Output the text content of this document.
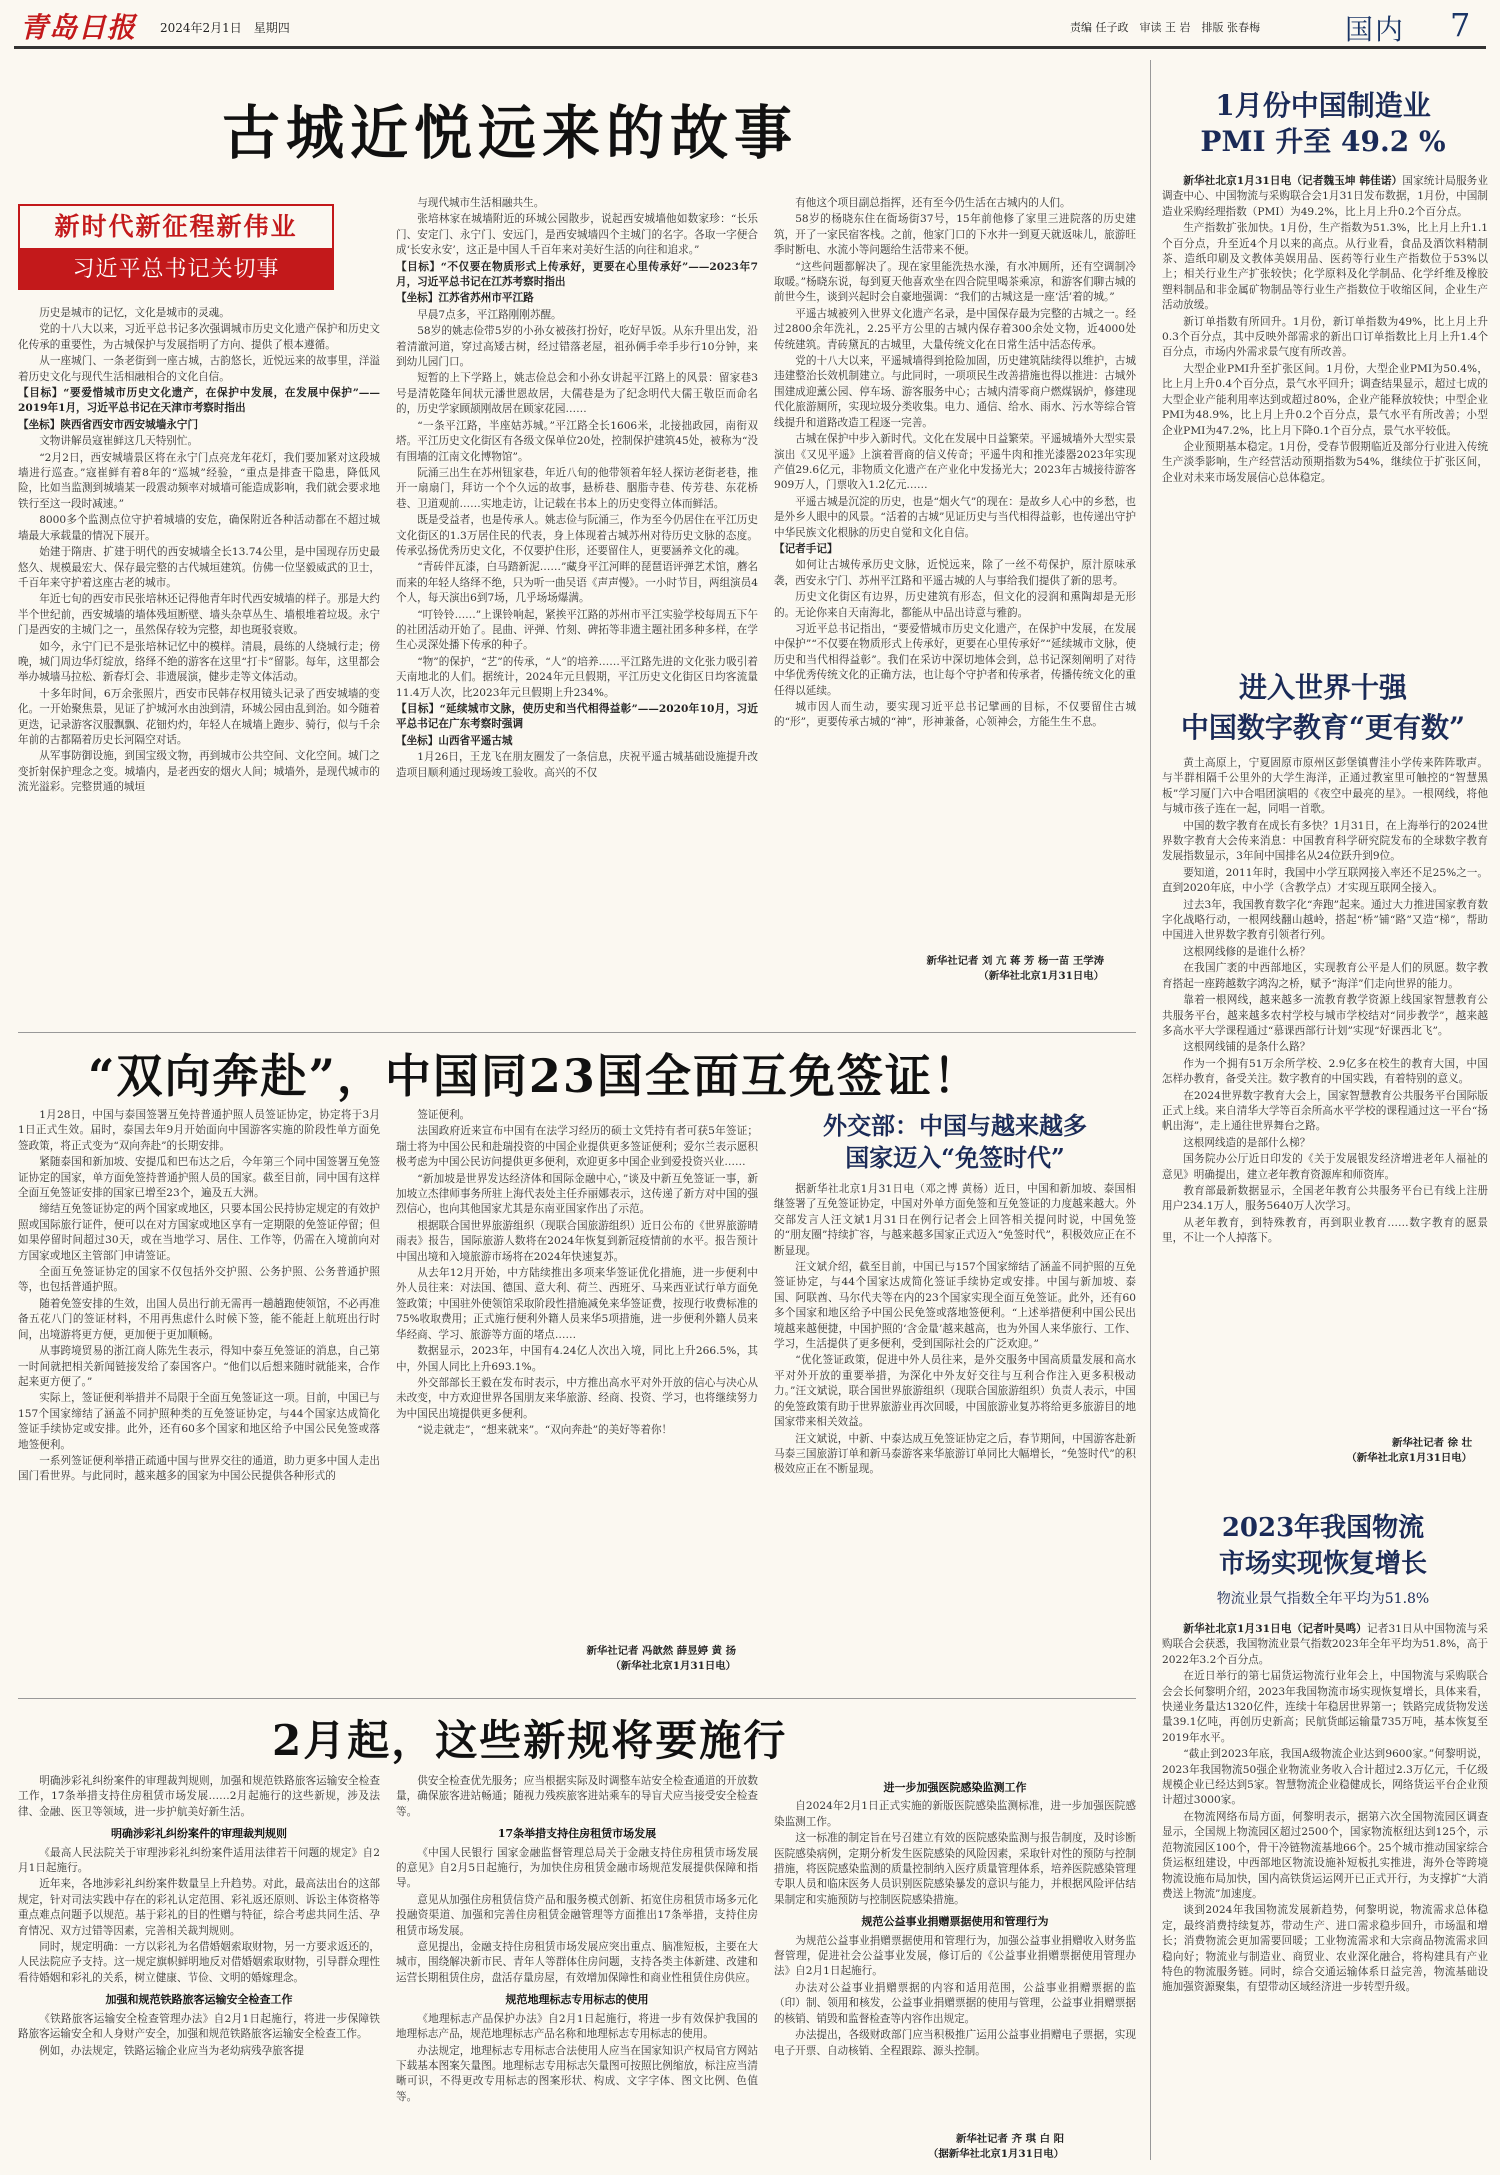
青岛日报 2024年2月1日　星期四	责编 任子政　审读 王 岩　排版 张春梅	国内 7
古城近悦远来的故事
新时代新征程新伟业
习近平总书记关切事

历史是城市的记忆，文化是城市的灵魂。

党的十八大以来，习近平总书记多次强调城市历史文化遗产保护和历史文化传承的重要性，为古城保护与发展指明了方向、提供了根本遵循。

从一座城门、一条老街到一座古城，古韵悠长，近悦远来的故事里，洋溢着历史文化与现代生活相融相合的文化自信。

【目标】“要爱惜城市历史文化遗产，在保护中发展，在发展中保护”——2019年1月，习近平总书记在天津市考察时指出

【坐标】陕西省西安市西安城墙永宁门

文物讲解员寇崔鲜这几天特别忙。

“2月2日，西安城墙景区将在永宁门点亮龙年花灯，我们要加紧对这段城墙进行巡查。”寇崔鲜有着8年的“巡城”经验，“重点是排查干隐患，降低风险，比如当监测到城墙某一段震动频率对城墙可能造成影响，我们就会要求地铁行至这一段时减速。”

8000多个监测点位守护着城墙的安危，确保附近各种活动都在不超过城墙最大承载量的情况下展开。

始建于隋唐、扩建于明代的西安城墙全长13.74公里，是中国现存历史最悠久、规模最宏大、保存最完整的古代城垣建筑。仿佛一位坚毅威武的卫士，千百年来守护着这座古老的城市。

年近七旬的西安市民张培林还记得他青年时代西安城墙的样子。那是大约半个世纪前，西安城墙的墙体残垣断壁、墙头杂草丛生、墙根堆着垃圾。永宁门是西安的主城门之一，虽然保存较为完整，却也斑驳衰败。

如今，永宁门已不是张培林记忆中的模样。清晨，晨练的人绕城行走；傍晚，城门周边华灯绽放，络绎不绝的游客在这里“打卡”留影。每年，这里都会举办城墙马拉松、新春灯会、非遗展演，健步走等文体活动。

十多年时间，6万余张照片，西安市民韩存权用镜头记录了西安城墙的变化。一开始聚焦景，见证了护城河水由浊到清，环城公园由乱到治。如今随着更迭，记录游客汉服飘飘、花钿灼灼，年轻人在城墙上跑步、骑行，似与千余年前的古都隔着历史长河隔空对话。

从军事防御设施，到国宝级文物，再到城市公共空间、文化空间。城门之变折射保护理念之变。城墙内，是老西安的烟火人间；城墙外，是现代城市的流光溢彩。完整贯通的城垣

与现代城市生活相融共生。

张培林家在城墙附近的环城公园散步，说起西安城墙他如数家珍：“长乐门、安定门、永宁门、安远门，是西安城墙四个主城门的名字。各取一字便合成‘长安永安’，这正是中国人千百年来对美好生活的向往和追求。”

【目标】“不仅要在物质形式上传承好，更要在心里传承好”——2023年7月，习近平总书记在江苏考察时指出

【坐标】江苏省苏州市平江路

早晨7点多，平江路刚刚苏醒。

58岁的姚志俭带5岁的小孙女被孩打扮好，吃好早饭。从东升里出发，沿着清澈河道，穿过高矮古树，经过错落老屋，祖孙俩手牵手步行10分钟，来到幼儿园门口。

短暂的上下学路上，姚志俭总会和小孙女讲起平江路上的风景：留家巷3号是清乾隆年间状元潘世恩故居，大儒巷是为了纪念明代大儒王敬臣而命名的，历史学家顾颉刚故居在顾家花园……

“一条平江路，半座姑苏城。”平江路全长1606米，北接拙政园，南衔双塔。平江历史文化街区有各级文保单位20处，控制保护建筑45处，被称为“没有围墙的江南文化博物馆”。

阮涌三出生在苏州钮家巷，年近八旬的他带领着年轻人探访老街老巷，推开一扇扇门，拜访一个个久远的故事，悬桥巷、胭脂寺巷、传芳巷、东花桥巷、卫道观前……实地走访，让记载在书本上的历史变得立体而鲜活。

既是受益者，也是传承人。姚志俭与阮涌三，作为至今仍居住在平江历史文化街区的1.3万居住民的代表，身上体现着古城苏州对待历史文脉的态度。传承弘扬优秀历史文化，不仅要护住形，还要留住人，更要涵养文化的魂。

“青砖伴瓦漆，白马踏新泥……”藏身平江河畔的琵琶语评弹艺术馆，蘑名而来的年轻人络绎不绝，只为听一曲吴语《声声慢》。一小时节目，两组演员4个人，每天演出6到7场，几乎场场爆满。

“叮铃铃……”上课铃响起，紧挨平江路的苏州市平江实验学校每周五下午的社团活动开始了。昆曲、评弹、竹刻、碑拓等非遗主题社团多种多样，在学生心灵深处播下传承的种子。

“物”的保护，“艺”的传承，“人”的培养……平江路先进的文化张力吸引着天南地北的人们。据统计，2024年元旦假期，平江历史文化街区日均客流量11.4万人次，比2023年元旦假期上升234%。

【目标】“延续城市文脉，使历史和当代相得益彰”——2020年10月，习近平总书记在广东考察时强调

【坐标】山西省平遥古城

1月26日，王龙飞在朋友圈发了一条信息，庆祝平遥古城基础设施提升改造项目顺利通过现场竣工验收。高兴的不仅

有他这个项目副总指挥，还有至今仍生活在古城内的人们。

58岁的杨晓东住在衙场街37号，15年前他修了家里三进院落的历史建筑，开了一家民宿客栈。之前，他家门口的下水井一到夏天就返味儿，旅游旺季时断电、水流小等问题给生活带来不便。

“这些问题都解决了。现在家里能洗热水澡，有水冲厕所，还有空调制冷取暖。”杨晓东说，每到夏天他喜欢坐在四合院里喝茶乘凉，和游客们聊古城的前世今生，谈到兴起时会自豪地强调：“我们的古城这是一座‘活’着的城。”

平遥古城被列入世界文化遗产名录，是中国保存最为完整的古城之一。经过2800余年洗礼，2.25平方公里的古城内保存着300余处文物，近4000处传统建筑。青砖黛瓦的古城里，大量传统文化在日常生活中活态传承。

党的十八大以来，平遥城墙得到抢险加固，历史建筑陆续得以维护，古城违建整治长效机制建立。与此同时，一项项民生改善措施也得以推进：古城外围建成迎薰公园、停车场、游客服务中心；古城内清零商户燃煤锅炉，修建现代化旅游厕所，实现垃圾分类收集。电力、通信、给水、雨水、污水等综合管线提升和道路改造工程逐一完善。

古城在保护中步入新时代。文化在发展中日益繁荣。平遥城墙外大型实景演出《又见平遥》上演着晋商的信义传奇；平遥牛肉和推光漆器2023年实现产值29.6亿元，非物质文化遗产在产业化中发扬光大；2023年古城接待游客909万人，门票收入1.2亿元……

平遥古城是沉淀的历史，也是“烟火气”的现在：是故乡人心中的乡愁，也是外乡人眼中的风景。“活着的古城”见证历史与当代相得益彰，也传递出守护中华民族文化根脉的历史自觉和文化自信。

【记者手记】

如何让古城传承历史文脉，近悦远来，除了一丝不苟保护，原汁原味承袭，西安永宁门、苏州平江路和平遥古城的人与事给我们提供了新的思考。

历史文化街区有边界，历史建筑有形态，但文化的浸润和熏陶却是无形的。无论你来自天南海北，都能从中品出诗意与雅韵。

习近平总书记指出，“要爱惜城市历史文化遗产，在保护中发展，在发展中保护”“不仅要在物质形式上传承好，更要在心里传承好”“延续城市文脉，使历史和当代相得益彰”。我们在采访中深切地体会到，总书记深刻阐明了对待中华优秀传统文化的正确方法，也让每个守护者和传承者，传播传统文化的重任得以延续。

城市因人而生动，要实现习近平总书记擘画的目标，不仅要留住古城的“形”，更要传承古城的“神”，形神兼备，心领神会，方能生生不息。

新华社记者 刘 亢 蒋 芳 杨一苗 王学涛
（新华社北京1月31日电）
1月份中国制造业
PMI 升至 49.2 %

新华社北京1月31日电（记者魏玉坤 韩佳诺）国家统计局服务业调查中心、中国物流与采购联合会1月31日发布数据，1月份，中国制造业采购经理指数（PMI）为49.2%，比上月上升0.2个百分点。

生产指数扩张加快。1月份，生产指数为51.3%，比上月上升1.1个百分点，升至近4个月以来的高点。从行业看，食品及酒饮料精制茶、造纸印刷及文教体美娱用品、医药等行业生产指数位于53%以上；相关行业生产扩张较快；化学原料及化学制品、化学纤维及橡胶塑料制品和非金属矿物制品等行业生产指数位于收缩区间，企业生产活动放缓。

新订单指数有所回升。1月份，新订单指数为49%，比上月上升0.3个百分点，其中反映外部需求的新出口订单指数比上月上升1.4个百分点，市场内外需求景气度有所改善。

大型企业PMI升至扩张区间。1月份，大型企业PMI为50.4%，比上月上升0.4个百分点，景气水平回升；调查结果显示，超过七成的大型企业产能利用率达到或超过80%，企业产能释放较快；中型企业PMI为48.9%，比上月上升0.2个百分点，景气水平有所改善；小型企业PMI为47.2%，比上月下降0.1个百分点，景气水平较低。

企业预期基本稳定。1月份，受春节假期临近及部分行业进入传统生产淡季影响，生产经营活动预期指数为54%，继续位于扩张区间，企业对未来市场发展信心总体稳定。

进入世界十强
中国数字教育“更有数”

黄土高原上，宁夏固原市原州区彭堡镇曹洼小学传来阵阵歌声。与半群相隔千公里外的大学生海洋，正通过教室里可触控的“智慧黑板”学习厦门六中合唱团演唱的《夜空中最亮的星》。一根网线，将他与城市孩子连在一起，同唱一首歌。

中国的数字教育在成长有多快？1月31日，在上海举行的2024世界数字教育大会传来消息：中国教育科学研究院发布的全球数字教育发展指数显示，3年间中国排名从24位跃升到9位。

要知道，2011年时，我国中小学互联网接入率还不足25%之一。直到2020年底，中小学（含教学点）才实现互联网全接入。

过去3年，我国教育数字化“奔跑”起来。通过大力推进国家教育数字化战略行动，一根网线翻山越岭，搭起“桥”铺“路”又造“梯”，帮助中国进入世界数字教育引领者行列。

这根网线修的是谁什么桥？

在我国广袤的中西部地区，实现教育公平是人们的夙愿。数字教育搭起一座跨越数字鸿沟之桥，赋予“海洋”们走向世界的能力。

靠着一根网线，越来越多一流教育教学资源上线国家智慧教育公共服务平台，越来越多农村学校与城市学校结对“同步教学”，越来越多高水平大学课程通过“慕课西部行计划”实现“好课西北飞”。

这根网线铺的是条什么路？

作为一个拥有51万余所学校、2.9亿多在校生的教育大国，中国怎样办教育，备受关注。数字教育的中国实践，有着特别的意义。

在2024世界数字教育大会上，国家智慧教育公共服务平台国际版正式上线。来自清华大学等百余所高水平学校的课程通过这一平台“扬帆出海”，走上通往世界舞台之路。

这根网线造的是部什么梯？

国务院办公厅近日印发的《关于发展银发经济增进老年人福祉的意见》明确提出，建立老年教育资源库和师资库。

教育部最新数据显示，全国老年教育公共服务平台已有线上注册用户234.1万人，服务5640万人次学习。

从老年教育，到特殊教育，再到职业教育……数字教育的愿景里，不让一个人掉落下。

新华社记者 徐 壮
（新华社北京1月31日电）
2023年我国物流
市场实现恢复增长
物流业景气指数全年平均为51.8%

新华社北京1月31日电（记者叶昊鸣）记者31日从中国物流与采购联合会获悉，我国物流业景气指数2023年全年平均为51.8%，高于2022年3.2个百分点。

在近日举行的第七届货运物流行业年会上，中国物流与采购联合会会长何黎明介绍，2023年我国物流市场实现恢复增长，具体来看，快递业务量达1320亿件，连续十年稳居世界第一；铁路完成货物发送量39.1亿吨，再创历史新高；民航货邮运输量735万吨，基本恢复至2019年水平。

“截止到2023年底，我国A级物流企业达到9600家。”何黎明说，2023年我国物流50强企业物流业务收入合计超过2.3万亿元，千亿级规模企业已经达到5家。智慧物流企业稳健成长，网络货运平台企业预计超过3000家。

在物流网络布局方面，何黎明表示，据第六次全国物流园区调查显示，全国规上物流园区超过2500个，国家物流枢纽达到125个，示范物流园区100个，骨干冷链物流基地66个。25个城市推动国家综合货运枢纽建设，中西部地区物流设施补短板扎实推进，海外仓等跨境物流设施布局加快，国内高铁货运运网开已正式开行，为支撑扩“大消费送上物流”加速度。

谈到2024年我国物流发展新趋势，何黎明说，物流需求总体稳定，最终消费持续复苏，带动生产、进口需求稳步回升，市场温和增长；消费物流会更加需要回暖；工业物流需求和大宗商品物流需求回稳向好；物流业与制造业、商贸业、农业深化融合，将构建具有产业特色的物流服务链。同时，综合交通运输体系日益完善，物流基础设施加强资源聚集，有望带动区域经济进一步转型升级。

“双向奔赴”，中国同23国全面互免签证！

1月28日，中国与泰国签署互免持普通护照人员签证协定，协定将于3月1日正式生效。届时，泰国去年9月开始面向中国游客实施的阶段性单方面免签政策，将正式变为“双向奔赴”的长期安排。

紧随泰国和新加坡、安提瓜和巴布达之后，今年第三个同中国签署互免签证协定的国家，单方面免签持普通护照人员的国家。截至目前，同中国有这样全面互免签证安排的国家已增至23个，遍及五大洲。

缔结互免签证协定的两个国家或地区，只要本国公民持协定规定的有效护照或国际旅行证件，便可以在对方国家或地区享有一定期限的免签证停留；但如果停留时间超过30天，或在当地学习、居住、工作等，仍需在入境前向对方国家或地区主管部门申请签证。

全面互免签证协定的国家不仅包括外交护照、公务护照、公务普通护照等，也包括普通护照。

随着免签安排的生效，出国人员出行前无需再一趟趟跑使领馆，不必再准备五花八门的签证材料，不用再焦虑什么时候下签，能不能赶上航班出行时间，出境游将更方便，更加便于更加顺畅。

从事跨境贸易的浙江商人陈先生表示，得知中泰互免签证的消息，自己第一时间就把相关新闻链接发给了泰国客户。“他们以后想来随时就能来，合作起来更方便了。”

实际上，签证便利举措并不局限于全面互免签证这一项。目前，中国已与157个国家缔结了涵盖不同护照种类的互免签证协定，与44个国家达成简化签证手续协定或安排。此外，还有60多个国家和地区给予中国公民免签或落地签便利。

一系列签证便利举措正疏通中国与世界交往的通道，助力更多中国人走出国门看世界。与此同时，越来越多的国家为中国公民提供各种形式的

签证便利。

法国政府近来宣布中国有在法学习经历的硕士文凭持有者可获5年签证；瑞士将为中国公民和赴瑞投资的中国企业提供更多签证便利；爱尔兰表示愿积极考虑为中国公民访问提供更多便利，欢迎更多中国企业到爱投资兴业……

“新加坡是世界发达经济体和国际金融中心，”谈及中新互免签证一事，新加坡立杰律师事务所驻上海代表处主任乔丽娜表示，这传递了新方对中国的强烈信心，也向其他国家尤其是东南亚国家作出了示范。

根据联合国世界旅游组织（现联合国旅游组织）近日公布的《世界旅游晴雨表》报告，国际旅游人数将在2024年恢复到新冠疫情前的水平。报告预计中国出境和入境旅游市场将在2024年快速复苏。

从去年12月开始，中方陆续推出多项来华签证优化措施，进一步便利中外人员往来：对法国、德国、意大利、荷兰、西班牙、马来西亚试行单方面免签政策；中国驻外使领馆采取阶段性措施减免来华签证费，按现行收费标准的75%收取费用；正式施行便利外籍人员来华5项措施，进一步便利外籍人员来华经商、学习、旅游等方面的堵点……

数据显示，2023年，中国有4.24亿人次出入境，同比上升266.5%，其中，外国人同比上升693.1%。

外交部部长王毅在发布时表示，中方推出高水平对外开放的信心与决心从未改变，中方欢迎世界各国朋友来华旅游、经商、投资、学习，也将继续努力为中国民出境提供更多便利。

“说走就走”，“想来就来”。“双向奔赴”的美好等着你！

新华社记者 冯歆然 薛昱婷 黄 扬
（新华社北京1月31日电）
外交部：中国与越来越多
国家迈入“免签时代”

据新华社北京1月31日电（邓之博 黄杨）近日，中国和新加坡、泰国相继签署了互免签证协定，中国对外单方面免签和互免签证的力度越来越大。外交部发言人汪文斌1月31日在例行记者会上回答相关提问时说，中国免签的“朋友圈”持续扩容，与越来越多国家正式迈入“免签时代”，积极效应正在不断显现。

汪文斌介绍，截至目前，中国已与157个国家缔结了涵盖不同护照的互免签证协定，与44个国家达成简化签证手续协定或安排。中国与新加坡、泰国、阿联酋、马尔代夫等在内的23个国家实现全面互免签证。此外，还有60多个国家和地区给予中国公民免签或落地签便利。“上述举措便利中国公民出境越来越便捷，中国护照的‘含金量’越来越高，也为外国人来华旅行、工作、学习，生活提供了更多便利，受到国际社会的广泛欢迎。”

“优化签证政策，促进中外人员往来，是外交服务中国高质量发展和高水平对外开放的重要举措，为深化中外友好交往与互利合作注入更多积极动力。”汪文斌说，联合国世界旅游组织（现联合国旅游组织）负责人表示，中国的免签政策有助于世界旅游业再次回暖，中国旅游业复苏将给更多旅游目的地国家带来相关效益。

汪文斌说，中新、中泰达成互免签证协定之后，春节期间，中国游客赴新马泰三国旅游订单和新马泰游客来华旅游订单同比大幅增长，“免签时代”的积极效应正在不断显现。

2月起，这些新规将要施行

明确涉彩礼纠纷案件的审理裁判规则，加强和规范铁路旅客运输安全检查工作，17条举措支持住房租赁市场发展……2月起施行的这些新规，涉及法律、金融、医卫等领域，进一步护航美好新生活。

明确涉彩礼纠纷案件的审理裁判规则

《最高人民法院关于审理涉彩礼纠纷案件适用法律若干问题的规定》自2月1日起施行。

近年来，各地涉彩礼纠纷案件数量呈上升趋势。对此，最高法出台的这部规定，针对司法实践中存在的彩礼认定范围、彩礼返还原则、诉讼主体资格等重点难点问题予以规范。基于彩礼的目的性赠与特征，综合考虑共同生活、孕育情况、双方过错等因素，完善相关裁判规则。

同时，规定明确：一方以彩礼为名借婚姻索取财物，另一方要求返还的，人民法院应予支持。这一规定旗帜鲜明地反对借婚姻索取财物，引导群众理性看待婚姻和彩礼的关系，树立健康、节俭、文明的婚嫁理念。

加强和规范铁路旅客运输安全检查工作

《铁路旅客运输安全检查管理办法》自2月1日起施行，将进一步保障铁路旅客运输安全和人身财产安全，加强和规范铁路旅客运输安全检查工作。

例如，办法规定，铁路运输企业应当为老幼病残孕旅客提

供安全检查优先服务；应当根据实际及时调整车站安全检查通道的开放数量，确保旅客进站畅通；随视力残疾旅客进站乘车的导盲犬应当接受安全检查等。

17条举措支持住房租赁市场发展

《中国人民银行 国家金融监督管理总局关于金融支持住房租赁市场发展的意见》自2月5日起施行，为加快住房租赁金融市场规范发展提供保障和指导。

意见从加强住房租赁信贷产品和服务模式创新、拓宽住房租赁市场多元化投融资渠道、加强和完善住房租赁金融管理等方面推出17条举措，支持住房租赁市场发展。

意见提出，金融支持住房租赁市场发展应突出重点、脑准短板，主要在大城市，围绕解决新市民、青年人等群体住房问题，支持各类主体新建、改建和运营长期租赁住房，盘活存量房屋，有效增加保障性和商业性租赁住房供应。

规范地理标志专用标志的使用

《地理标志产品保护办法》自2月1日起施行，将进一步有效保护我国的地理标志产品，规范地理标志产品名称和地理标志专用标志的使用。

办法规定，地理标志专用标志合法使用人应当在国家知识产权局官方网站下载基本图案矢量图。地理标志专用标志矢量图可按照比例缩放，标注应当清晰可识，不得更改专用标志的图案形状、构成、文字字体、图文比例、色值等。

进一步加强医院感染监测工作

自2024年2月1日正式实施的新版医院感染监测标准，进一步加强医院感染监测工作。

这一标准的制定旨在号召建立有效的医院感染监测与报告制度，及时诊断医院感染病例，定期分析发生医院感染的风险因素，采取针对性的预防与控制措施，将医院感染监测的质量控制纳入医疗质量管理体系，培养医院感染管理专职人员和临床医务人员识别医院感染暴发的意识与能力，并根据风险评估结果制定和实施预防与控制医院感染措施。

规范公益事业捐赠票据使用和管理行为

为规范公益事业捐赠票据使用和管理行为，加强公益事业捐赠收入财务监督管理，促进社会公益事业发展，修订后的《公益事业捐赠票据使用管理办法》自2月1日起施行。

办法对公益事业捐赠票据的内容和适用范围，公益事业捐赠票据的监（印）制、领用和核发，公益事业捐赠票据的使用与管理，公益事业捐赠票据的核销、销毁和监督检查等内容作出规定。

办法提出，各级财政部门应当积极推广运用公益事业捐赠电子票据，实现电子开票、自动核销、全程跟踪、源头控制。

新华社记者 齐 琪 白 阳
（据新华社北京1月31日电）
